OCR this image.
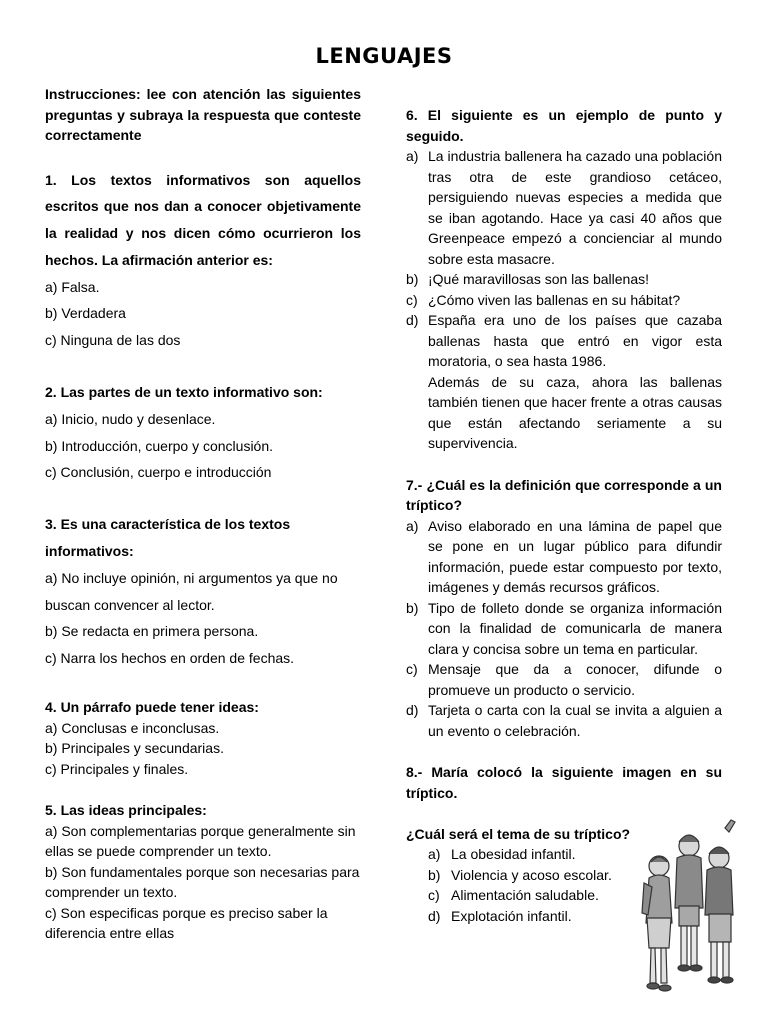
LENGUAJES

Instrucciones: lee con atención las siguientes preguntas y subraya la respuesta que conteste correctamente

1. Los textos informativos son aquellos escritos que nos dan a conocer objetivamente la realidad y nos dicen cómo ocurrieron los hechos. La afirmación anterior es:

a) Falsa.

b) Verdadera

c) Ninguna de las dos

2. Las partes de un texto informativo son:

a) Inicio, nudo y desenlace.

b) Introducción, cuerpo y conclusión.

c) Conclusión, cuerpo e introducción

3. Es una característica de los textos informativos:

a) No incluye opinión, ni argumentos ya que no buscan convencer al lector.

b) Se redacta en primera persona.

c) Narra los hechos en orden de fechas.

4. Un párrafo puede tener ideas:

a) Conclusas e inconclusas.

b) Principales y secundarias.

c) Principales y finales.

5. Las ideas principales:

a) Son complementarias porque generalmente sin ellas se puede comprender un texto.

b) Son fundamentales porque son necesarias para comprender un texto.

c) Son especificas porque es preciso saber la diferencia entre ellas

6. El siguiente es un ejemplo de punto y seguido.

a) La industria ballenera ha cazado una población tras otra de este grandioso cetáceo, persiguiendo nuevas especies a medida que se iban agotando. Hace ya casi 40 años que Greenpeace empezó a concienciar al mundo sobre esta masacre.

b) ¡Qué maravillosas son las ballenas!

c) ¿Cómo viven las ballenas en su hábitat?

d) España era uno de los países que cazaba ballenas hasta que entró en vigor esta moratoria, o sea hasta 1986.

Además de su caza, ahora las ballenas también tienen que hacer frente a otras causas que están afectando seriamente a su supervivencia.

7.- ¿Cuál es la definición que corresponde a un tríptico?

a) Aviso elaborado en una lámina de papel que se pone en un lugar público para difundir información, puede estar compuesto por texto, imágenes y demás recursos gráficos.

b) Tipo de folleto donde se organiza información con la finalidad de comunicarla de manera clara y concisa sobre un tema en particular.

c) Mensaje que da a conocer, difunde o promueve un producto o servicio.

d) Tarjeta o carta con la cual se invita a alguien a un evento o celebración.

8.- María colocó la siguiente imagen en su tríptico.

¿Cuál será el tema de su tríptico?

a) La obesidad infantil.

b) Violencia y acoso escolar.

c) Alimentación saludable.

d) Explotación infantil.
